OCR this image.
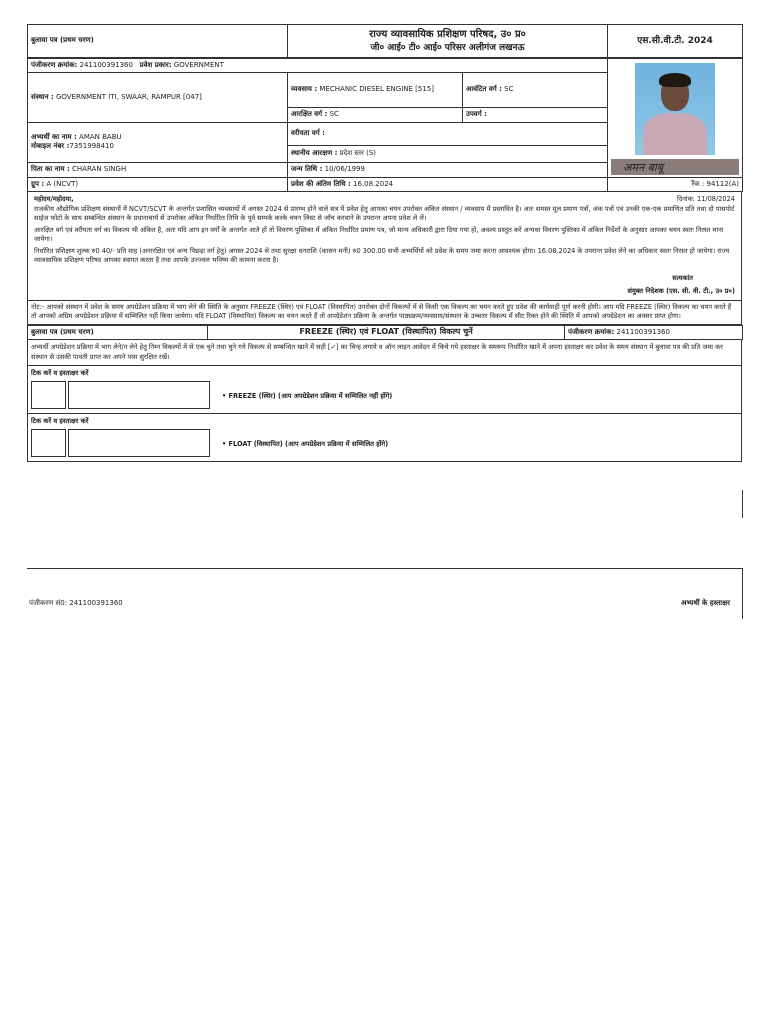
बुलावा पत्र (प्रथम चरण)	
राज्य व्यावसायिक प्रशिक्षण परिषद, उ० प्र०
जी० आई० टी० आई० परिसर अलीगंज लखनऊ
	एस.सी.वी.टी. 2024
पंजीकरण क्रमांक: 241100391360 प्रवेश प्रकार: GOVERNMENT			अमन बाबू

संस्थान : GOVERNMENT ITI, SWAAR, RAMPUR [047]	व्यवसाय : MECHANIC DIESEL ENGINE [515]	आवंटित वर्ग : SC	
	आरक्षित वर्ग : SC	उपवर्ग :	

अभ्यर्थी का नाम : AMAN BABU
मोबाइल नंबर :7351998410	वरीयता वर्ग :		
	स्थानीय आरक्षण : प्रदेश स्तर (S)		
पिता का नाम : CHARAN SINGH	जन्म तिथि : 10/06/1999		
ग्रुप : A (NCVT)	प्रवेश की अंतिम तिथि : 16.08.2024		रैंक : 94112(A)
महोदय/महोदया,	दिनांक: 11/08/2024

राजकीय औद्योगिक प्रशिक्षण संस्थानों में NCVT/SCVT के अन्तर्गत प्रशासित व्यवसायों में अगस्त 2024 से प्रारम्भ होने वाले सत्र में प्रवेश हेतु आपका चयन उपरोक्त अंकित संस्थान / व्यवसाय में प्रस्तावित है। अतः समस्त मूल प्रमाण पत्रों, अंक पत्रों एवं उनकी एक-एक प्रमाणित प्रति तथा दो पासपोर्ट साईज फोटो के साथ सम्बन्धित संस्थान के प्रधानाचार्य से उपरोक्त अंकित निर्धारित तिथि के पूर्व सम्पर्क करके चयन लिस्ट से जाँच करवाने के उपरान्त अपना प्रवेश ले लें।

आरक्षित वर्ग एवं वरीयता वर्ग का विकल्प भी अंकित है, अतः यदि आप इन वर्गों के अन्तर्गत आते हों तो विवरण पुस्तिका में अंकित निर्धारित प्रमाण पत्र, जो मान्य अधिकारी द्वारा दिया गया हो, अवश्य प्रस्तुत करें अन्यथा विवरण पुस्तिका में अंकित निर्देशों के अनुसार आपका चयन स्वतः निरस्त माना जायेगा।

निर्धारित प्रशिक्षण शुल्क रु0 40/- प्रति माह (अनारक्षित एवं अन्य पिछड़ा वर्ग हेतु) अगस्त 2024 से तथा सुरक्षा धनराशि (कासन मनी) रु0 300.00 सभी अभ्यर्थियों को प्रवेश के समय जमा करना आवश्यक होगा। 16.08.2024 के उपरान्त प्रवेश लेने का अधिकार स्वतः निरस्त हो जायेगा। राज्य व्यावसायिक प्रशिक्षण परिषद आपका स्वागत करता है तथा आपके उज्ज्वल भविष्य की कामना करता है।

सत्यकांत
संयुक्त निदेशक (एस. सी. वी. टी., उ० प्र०)
नोट:- आपको संस्थान में प्रवेश के समय अपग्रेडेशन प्रक्रिया में भाग लेने की स्थिति के अनुसार FREEZE (स्थिर) एवं FLOAT (विस्थापित) उपरोक्त दोनों विकल्पों में से किसी एक विकल्प का चयन करते हुए प्रवेश की कार्यवाही पूर्ण करनी होगी। आप यदि FREEZE (स्थिर) विकल्प का चयन करते हैं तो आपको अग्रिम अपग्रेडेशन प्रक्रिया में सम्मिलित नहीं किया जायेगा। यदि FLOAT (विस्थापित) विकल्प का चयन करते हैं तो अपग्रेडेशन प्रक्रिया के अन्तर्गत पाठ्यक्रम/व्यवसाय/संस्थान के उच्चतर विकल्प में सीट रिक्त होने की स्थिति में आपको अपग्रेडेशन का अवसर प्राप्त होगा।
बुलावा पत्र (प्रथम चरण)	FREEZE (स्थिर) एवं FLOAT (विस्थापित) विकल्प चुनें	पंजीकरण क्रमांक: 241100391360
अभ्यर्थी अपग्रेडेशन प्रक्रिया में भाग लेने/न लेने हेतु निम्न विकल्पों में से एक चुने तथा चुने गये विकल्प से सम्बन्धित खाने में सही [✓] का चिन्ह लगाये व ऑन लाइन आवेदन में किये गये हस्ताक्षर के समरूप निर्धारित खाने में अपना हस्ताक्षर कर प्रवेश के समय संस्थान में बुलावा पत्र की प्रति जमा कर संस्थान से उसकी पावती प्राप्त कर अपने पास सुरक्षित रखें।
टिक करें व हस्ताक्षर करें
• FREEZE (स्थिर) (आप अपग्रेडेशन प्रक्रिया में सम्मिलित नहीं होंगे)
टिक करें व हस्ताक्षर करें
• FLOAT (विस्थापित) (आप अपग्रेडेशन प्रक्रिया में सम्मिलित होंगे)
पंजीकरण सं0: 241100391360	अभ्यर्थी के हस्ताक्षर
